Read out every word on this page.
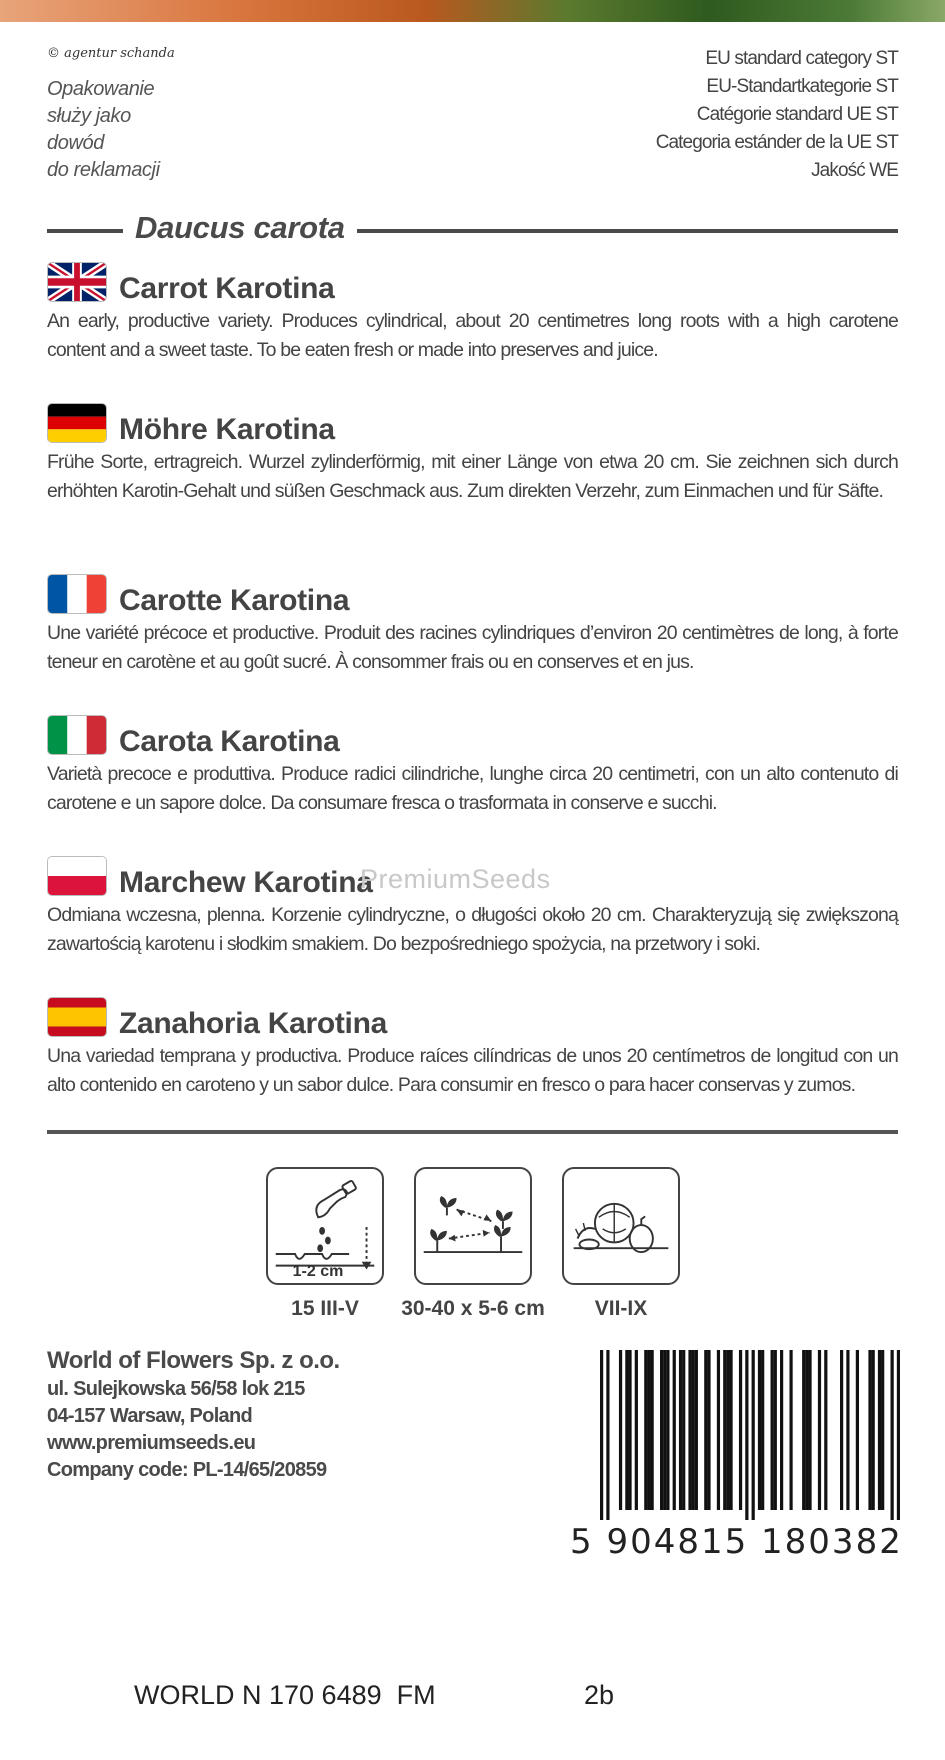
© agentur schanda
Opakowanie
służy jako
dowód
do reklamacji
EU standard category ST
EU-Standartkategorie ST
Catégorie standard UE ST
Categoria estánder de la UE ST
Jakość WE
Daucus carota
Carrot Karotina
An early, productive variety. Produces cylindrical, about 20 centimetres long roots with a high carotene content and a sweet taste. To be eaten fresh or made into preserves and juice.
Möhre Karotina
Frühe Sorte, ertragreich. Wurzel zylinderförmig, mit einer Länge von etwa 20 cm. Sie zeichnen sich durch erhöhten Karotin-Gehalt und süßen Geschmack aus. Zum direkten Verzehr, zum Einmachen und für Säfte.
Carotte Karotina
Une variété précoce et productive. Produit des racines cylindriques d’environ 20 centimètres de long, à forte teneur en carotène et au goût sucré. À consommer frais ou en conserves et en jus.
Carota Karotina
Varietà precoce e produttiva. Produce radici cilindriche, lunghe circa 20 centimetri, con un alto contenuto di carotene e un sapore dolce. Da consumare fresca o trasformata in conserve e succhi.
Marchew Karotina
Odmiana wczesna, plenna. Korzenie cylindryczne, o długości około 20 cm. Charakteryzują się zwiększoną zawartością karotenu i słodkim smakiem. Do bezpośredniego spożycia, na przetwory i soki.
Zanahoria Karotina
Una variedad temprana y productiva. Produce raíces cilíndricas de unos 20 centímetros de longitud con un alto contenido en caroteno y un sabor dulce. Para consumir en fresco o para hacer conservas y zumos.
PremiumSeeds
1-2 cm
15 III-V	30-40 x 5-6 cm	VII-IX
World of Flowers Sp. z o.o.
ul. Sulejkowska 56/58 lok 215
04-157 Warsaw, Poland
www.premiumseeds.eu
Company code: PL-14/65/20859
5 904815 180382
WORLD N 170 6489  FM	2b
